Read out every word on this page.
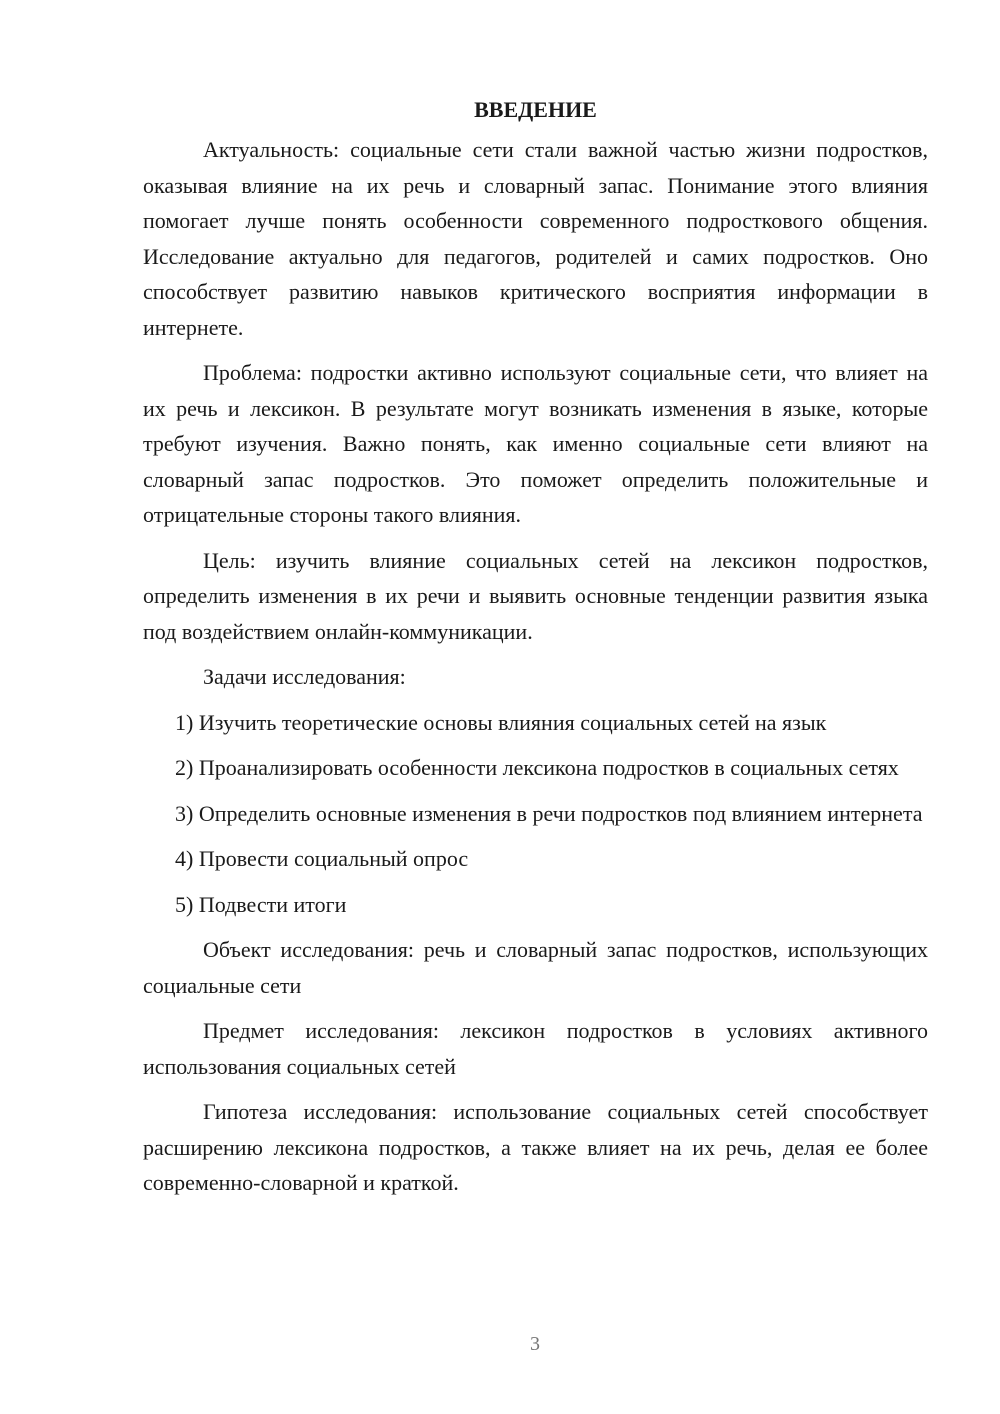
ВВЕДЕНИЕ

Актуальность: социальные сети стали важной частью жизни подростков, оказывая влияние на их речь и словарный запас. Понимание этого влияния помогает лучше понять особенности современного подросткового общения. Исследование актуально для педагогов, родителей и самих подростков. Оно способствует развитию навыков критического восприятия информации в интернете.

Проблема: подростки активно используют социальные сети, что влияет на их речь и лексикон. В результате могут возникать изменения в языке, которые требуют изучения. Важно понять, как именно социальные сети влияют на словарный запас подростков. Это поможет определить положительные и отрицательные стороны такого влияния.

Цель: изучить влияние социальных сетей на лексикон подростков, определить изменения в их речи и выявить основные тенденции развития языка под воздействием онлайн-коммуникации.

Задачи исследования:

1) Изучить теоретические основы влияния социальных сетей на язык

2) Проанализировать особенности лексикона подростков в социальных сетях

3) Определить основные изменения в речи подростков под влиянием интернета

4) Провести социальный опрос

5) Подвести итоги

Объект исследования: речь и словарный запас подростков, использующих социальные сети

Предмет исследования: лексикон подростков в условиях активного использования социальных сетей

Гипотеза исследования: использование социальных сетей способствует расширению лексикона подростков, а также влияет на их речь, делая ее более современно-словарной и краткой.

3
